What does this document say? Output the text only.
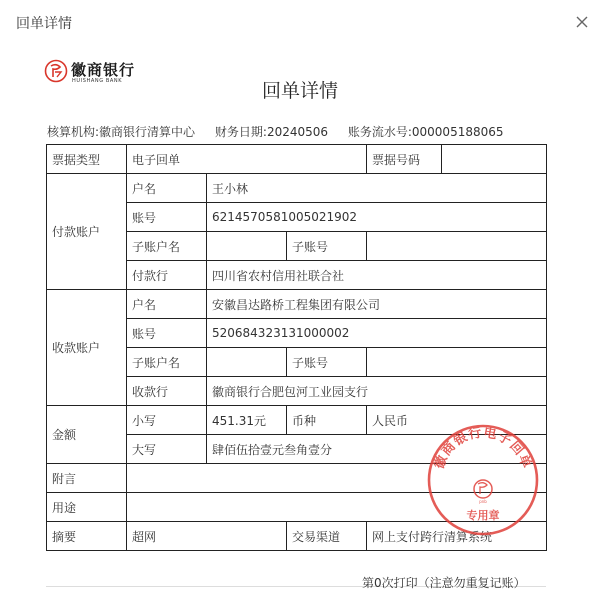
回单详情
徽商银行
HUISHANG BANK	回单详情
核算机构:徽商银行清算中心 财务日期:20240506 账务流水号:000005188065
票据类型	电子回单			票据号码	
付款账户	户名	王小林			
	账号	6214570581005021902			
	子账户名		子账号		
	付款行	四川省农村信用社联合社			
收款账户	户名	安徽昌达路桥工程集团有限公司			
	账号	520684323131000002			
	子账户名		子账号		
	收款行	徽商银行合肥包河工业园支行			
金额	小写	451.31元	币种	人民币	
	大写	肆佰伍拾壹元叁角壹分			
附言					
用途					
摘要	超网		交易渠道	网上支付跨行清算系统	
第0次打印（注意勿重复记账）
徽商银行电子回单
pnb
专用章
